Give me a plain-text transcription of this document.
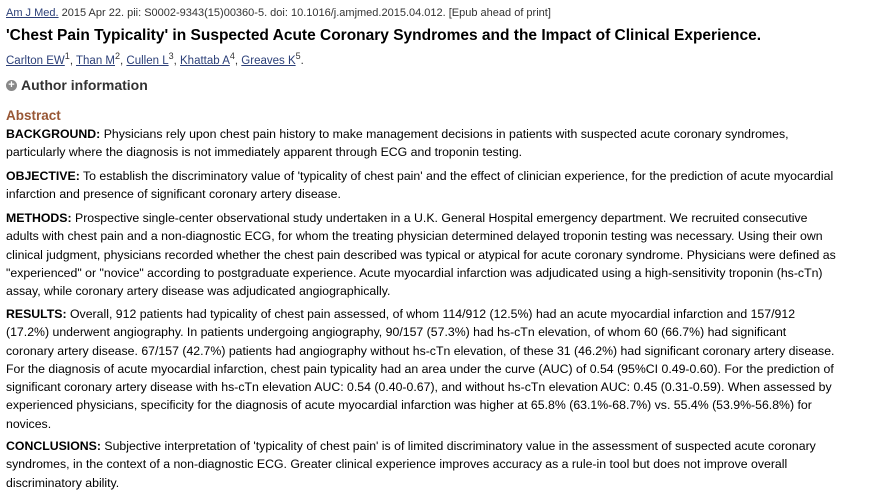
Am J Med. 2015 Apr 22. pii: S0002-9343(15)00360-5. doi: 10.1016/j.amjmed.2015.04.012. [Epub ahead of print]
'Chest Pain Typicality' in Suspected Acute Coronary Syndromes and the Impact of Clinical Experience.
Carlton $EW^1$, Than $M^2$, Cullen $L^3$, Khattab $A^4$, Greaves $K^5$.
+ Author information
Abstract
BACKGROUND: Physicians rely upon chest pain history to make management decisions in patients with suspected acute coronary syndromes, particularly where the diagnosis is not immediately apparent through ECG and troponin testing.
OBJECTIVE: To establish the discriminatory value of 'typicality of chest pain' and the effect of clinician experience, for the prediction of acute myocardial infarction and presence of significant coronary artery disease.
METHODS: Prospective single-center observational study undertaken in a U.K. General Hospital emergency department. We recruited consecutive adults with chest pain and a non-diagnostic ECG, for whom the treating physician determined delayed troponin testing was necessary. Using their own clinical judgment, physicians recorded whether the chest pain described was typical or atypical for acute coronary syndrome. Physicians were defined as "experienced" or "novice" according to postgraduate experience. Acute myocardial infarction was adjudicated using a high-sensitivity troponin (hs-cTn) assay, while coronary artery disease was adjudicated angiographically.
RESULTS: Overall, 912 patients had typicality of chest pain assessed, of whom 114/912 (12.5%) had an acute myocardial infarction and 157/912 (17.2%) underwent angiography. In patients undergoing angiography, 90/157 (57.3%) had hs-cTn elevation, of whom 60 (66.7%) had significant coronary artery disease. 67/157 (42.7%) patients had angiography without hs-cTn elevation, of these 31 (46.2%) had significant coronary artery disease. For the diagnosis of acute myocardial infarction, chest pain typicality had an area under the curve (AUC) of 0.54 (95%CI 0.49-0.60). For the prediction of significant coronary artery disease with hs-cTn elevation AUC: 0.54 (0.40-0.67), and without hs-cTn elevation AUC: 0.45 (0.31-0.59). When assessed by experienced physicians, specificity for the diagnosis of acute myocardial infarction was higher at 65.8% (63.1%-68.7%) vs. 55.4% (53.9%-56.8%) for novices.
CONCLUSIONS: Subjective interpretation of 'typicality of chest pain' is of limited discriminatory value in the assessment of suspected acute coronary syndromes, in the context of a non-diagnostic ECG. Greater clinical experience improves accuracy as a rule-in tool but does not improve overall discriminatory ability.
